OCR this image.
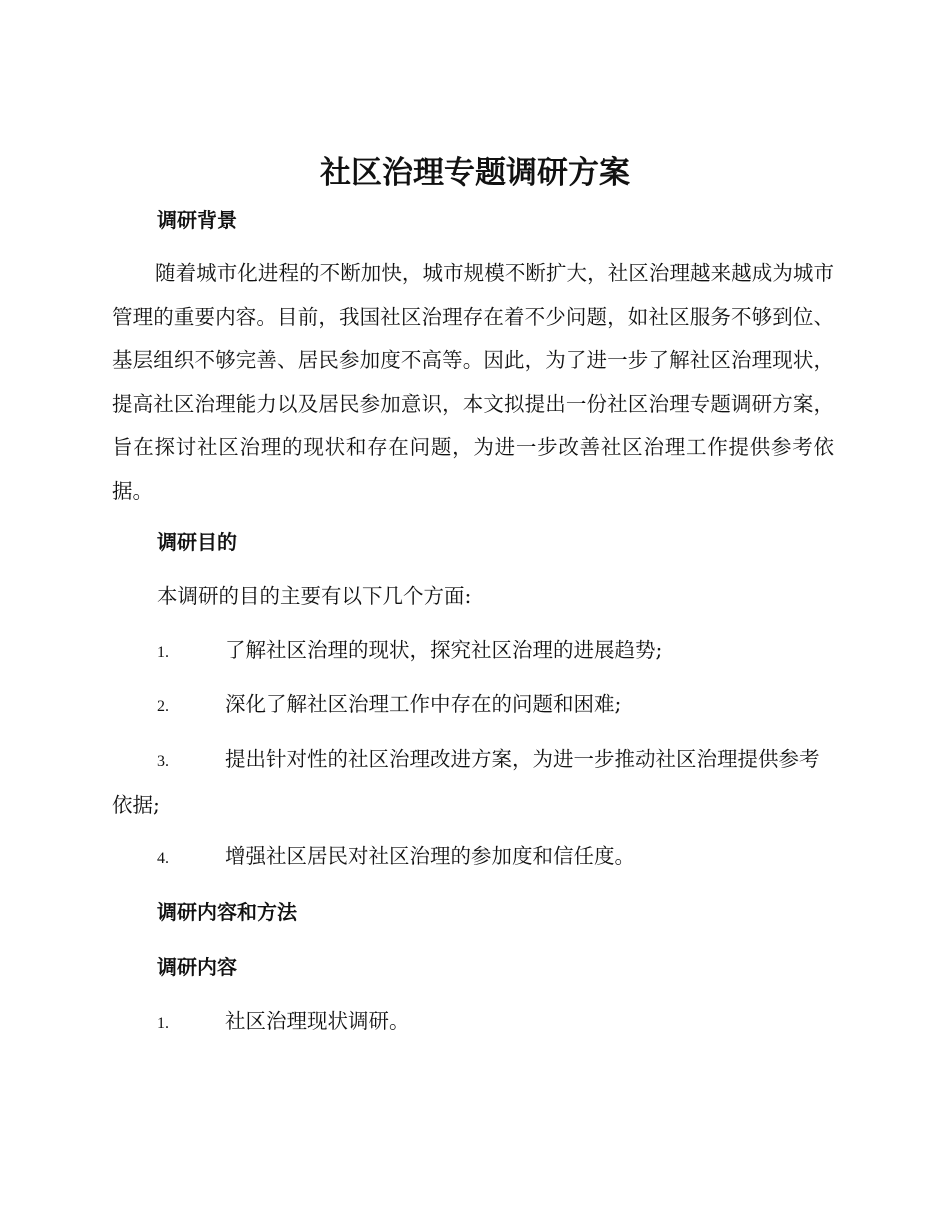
社区治理专题调研方案
调研背景

随着城市化进程的不断加快，城市规模不断扩大，社区治理越来越成为城市管理的重要内容。目前，我国社区治理存在着不少问题，如社区服务不够到位、基层组织不够完善、居民参加度不高等。因此，为了进一步了解社区治理现状，提高社区治理能力以及居民参加意识，本文拟提出一份社区治理专题调研方案，旨在探讨社区治理的现状和存在问题，为进一步改善社区治理工作提供参考依据。

调研目的

本调研的目的主要有以下几个方面:

1.	了解社区治理的现状，探究社区治理的进展趋势;

2.	深化了解社区治理工作中存在的问题和困难;

3.	提出针对性的社区治理改进方案，为进一步推动社区治理提供参考依据;

4.	增强社区居民对社区治理的参加度和信任度。

调研内容和方法
调研内容

1.	社区治理现状调研。
